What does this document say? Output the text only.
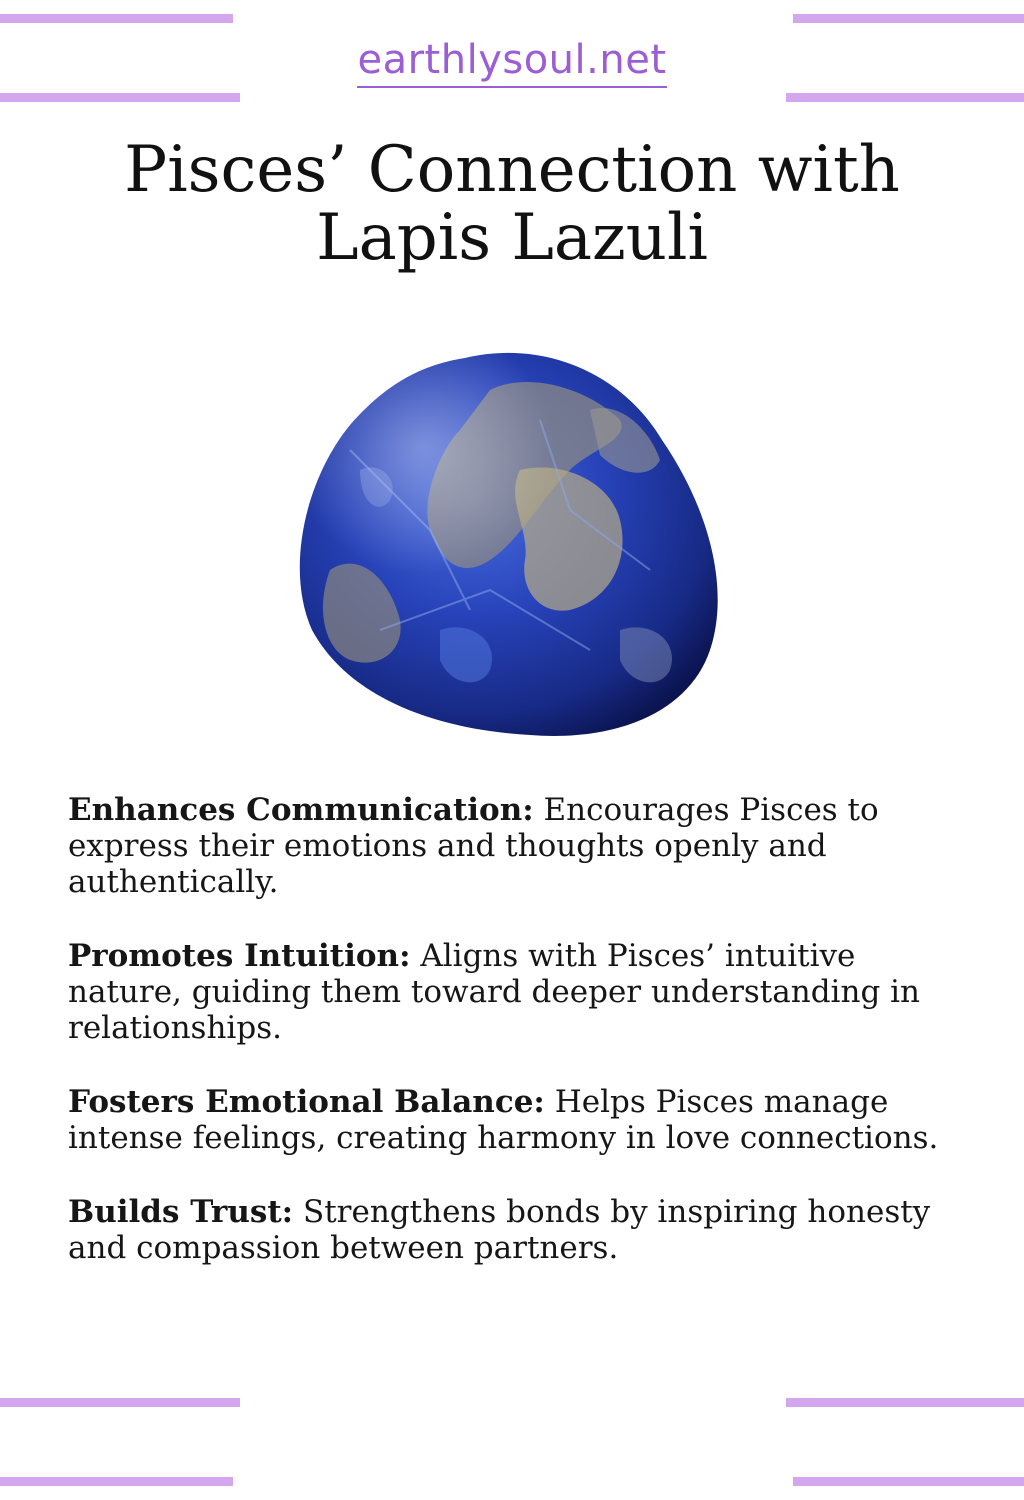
earthlysoul.net
Pisces’ Connection with Lapis Lazuli

Enhances Communication: Encourages Pisces to express their emotions and thoughts openly and authentically.

Promotes Intuition: Aligns with Pisces’ intuitive nature, guiding them toward deeper understanding in relationships.

Fosters Emotional Balance: Helps Pisces manage intense feelings, creating harmony in love connections.

Builds Trust: Strengthens bonds by inspiring honesty and compassion between partners.
